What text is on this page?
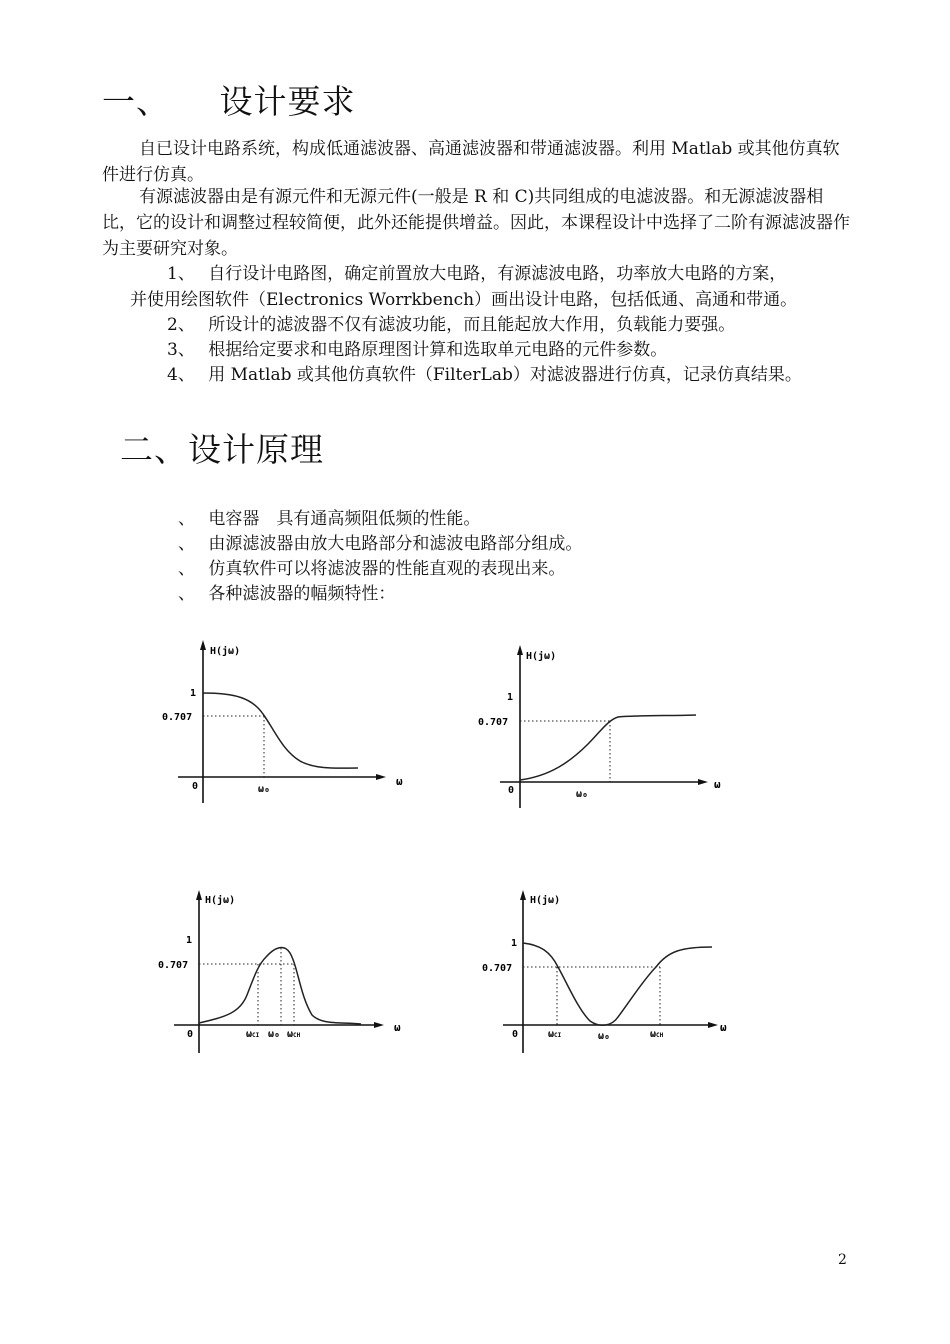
一、 设计要求
自已设计电路系统，构成低通滤波器、高通滤波器和带通滤波器。利用 Matlab 或其他仿真软件进行仿真。
有源滤波器由是有源元件和无源元件(一般是 R 和 C)共同组成的电滤波器。和无源滤波器相比，它的设计和调整过程较简便，此外还能提供增益。因此，本课程设计中选择了二阶有源滤波器作为主要研究对象。
1、 自行设计电路图，确定前置放大电路，有源滤波电路，功率放大电路的方案，
并使用绘图软件（Electronics Worrkbench）画出设计电路，包括低通、高通和带通。
2、 所设计的滤波器不仅有滤波功能，而且能起放大作用，负载能力要强。
3、 根据给定要求和电路原理图计算和选取单元电路的元件参数。
4、 用 Matlab 或其他仿真软件（FilterLab）对滤波器进行仿真，记录仿真结果。
二、设计原理
、 电容器　具有通高频阻低频的性能。
、 由源滤波器由放大电路部分和滤波电路部分组成。
、 仿真软件可以将滤波器的性能直观的表现出来。
、 各种滤波器的幅频特性：
H(jω)
ω
1
0.707
0	ω₀
H(jω)
ω
1
0.707
0	ω₀
H(jω)
ω
1
0.707
0	ωCI ω₀ ωCH
H(jω)
ω
1
0.707
0	ωCI	ω₀	ωCH
2
